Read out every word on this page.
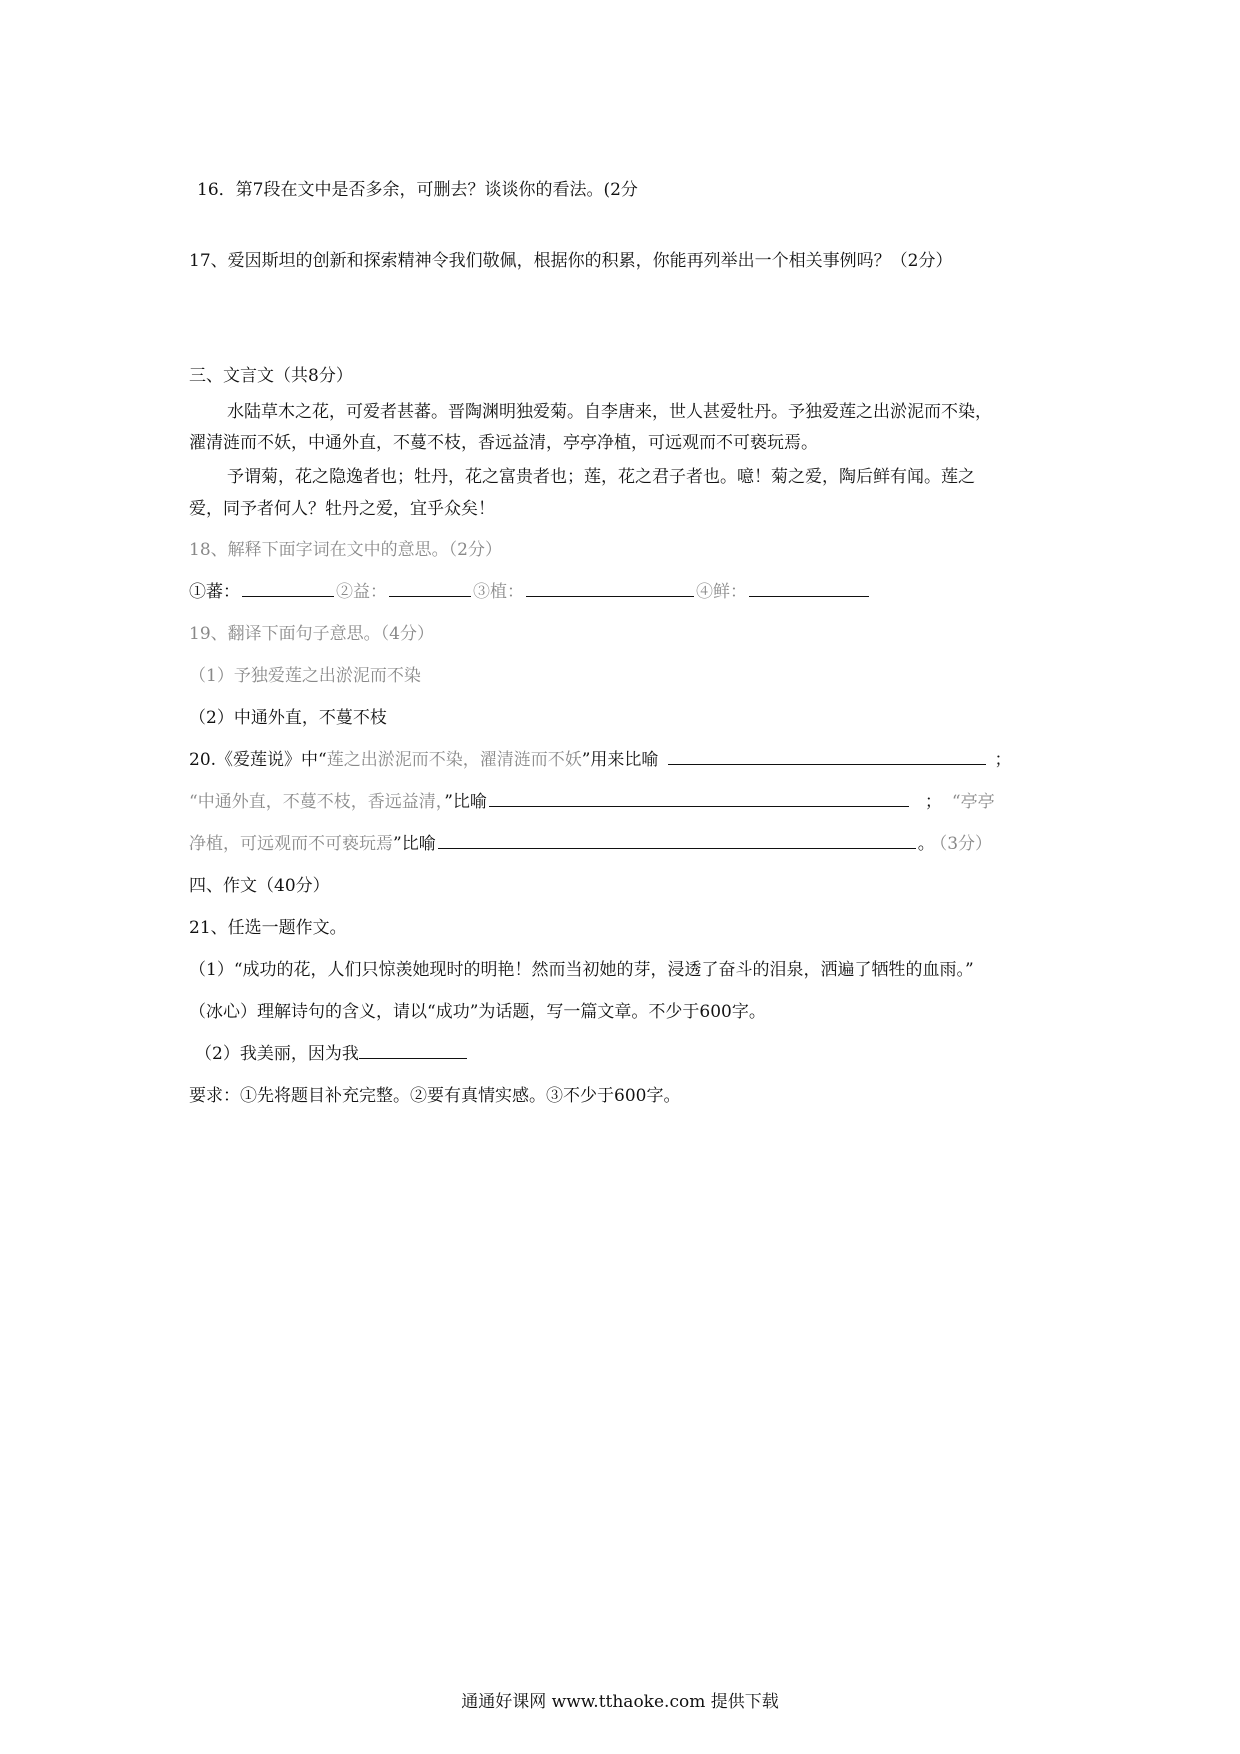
16．第7段在文中是否多余，可删去？谈谈你的看法。(2分
17、爱因斯坦的创新和探索精神令我们敬佩，根据你的积累，你能再列举出一个相关事例吗？（2分）
三、文言文（共8分）
水陆草木之花，可爱者甚蕃。晋陶渊明独爱菊。自李唐来，世人甚爱牡丹。予独爱莲之出淤泥而不染，
濯清涟而不妖，中通外直，不蔓不枝，香远益清，亭亭净植，可远观而不可亵玩焉。
予谓菊，花之隐逸者也；牡丹，花之富贵者也；莲，花之君子者也。噫！菊之爱，陶后鲜有闻。莲之
爱，同予者何人？牡丹之爱，宜乎众矣！
18、解释下面字词在文中的意思。（2分）
①蕃：	②益：	③植：	④鲜：
19、翻译下面句子意思。（4分）
（1）予独爱莲之出淤泥而不染
（2）中通外直，不蔓不枝
20.《爱莲说》中“莲之出淤泥而不染，濯清涟而不妖”用来比喻	；
“中通外直，不蔓不枝，香远益清，”比喻	； “亭亭
净植，可远观而不可亵玩焉”比喻	。 （3分）
四、作文（40分）
21、任选一题作文。
（1）“成功的花，人们只惊羡她现时的明艳！然而当初她的芽，浸透了奋斗的泪泉，洒遍了牺牲的血雨。”
（冰心）理解诗句的含义，请以“成功”为话题，写一篇文章。不少于600字。
（2）我美丽，因为我
要求：①先将题目补充完整。②要有真情实感。③不少于600字。
通通好课网 www.tthaoke.com 提供下载
